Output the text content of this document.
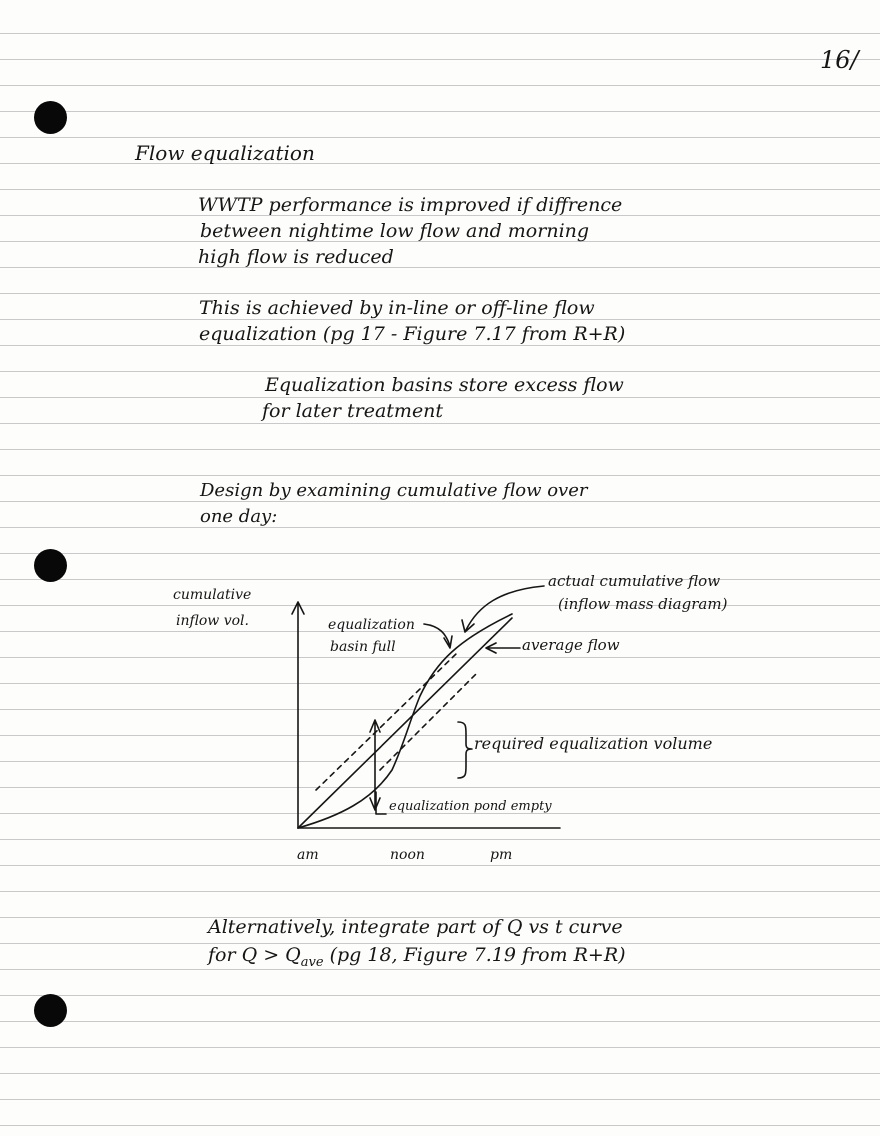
16/
Flow equalization
WWTP performance is improved if diffrence
between nightime low flow and morning
high flow is reduced
This is achieved by in-line or off-line flow
equalization (pg 17 - Figure 7.17 from R+R)
Equalization basins store excess flow
for later treatment
Design by examining cumulative flow over
one day:
cumulative
inflow vol.
am	noon	pm
equalization
basin full
actual cumulative flow
(inflow mass diagram)
average flow
required equalization volume
equalization pond empty
Alternatively, integrate part of Q vs t curve
for $Q > Q_{ave}$ (pg 18, Figure 7.19 from R+R)
